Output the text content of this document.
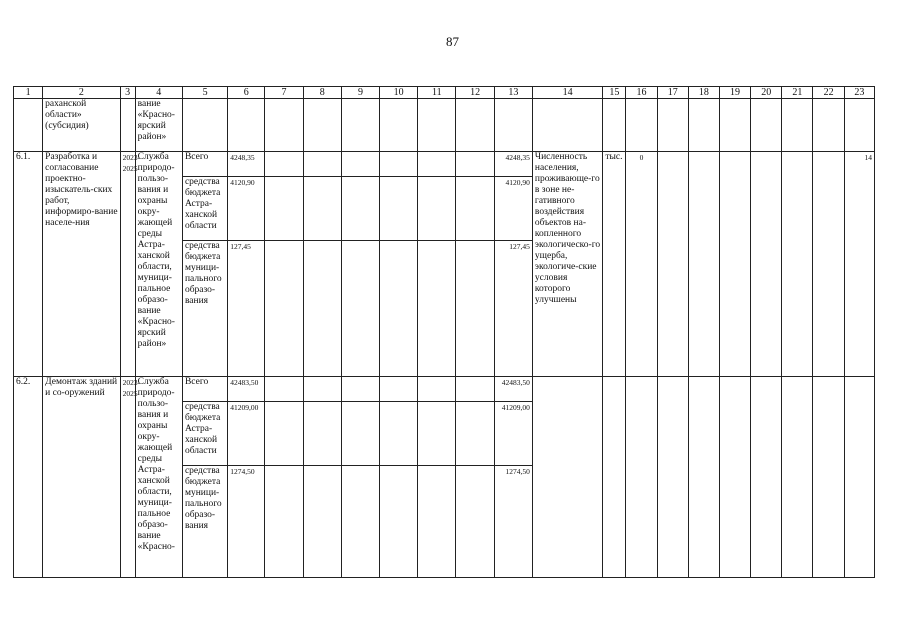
87
1	2	3	4	5	6	7	8	9	10	11	12	13	14	15	16	17	18	19	20	21	22	23
	раханской области» (субсидия)		вание «Красно-ярский район»																			
6.1.	Разработка и согласование проектно-изыскатель-ских работ, информиро-вание населе-ния	2023-2025	Служба природо-пользо-вания и охраны окру-жающей среды Астра-ханской области, муници-пальное образо-вание «Красно-ярский район»	Всего	4248,35							4248,35	Численность населения, проживающе-го в зоне не-гативного воздействия объектов на-копленного экологическо-го ущерба, экологиче-ские условия которого улучшены	тыс.	0							14
				средства бюджета Астра-ханской области	4120,90							4120,90										
				средства бюджета муници-пального образо-вания	127,45							127,45										
6.2.	Демонтаж зданий и со-оружений	2023-2025	Служба природо-пользо-вания и охраны окру-жающей среды Астра-ханской области, муници-пальное образо-вание «Красно-	Всего	42483,50							42483,50										
				средства бюджета Астра-ханской области	41209,00							41209,00										
				средства бюджета муници-пального образо-вания	1274,50							1274,50										
